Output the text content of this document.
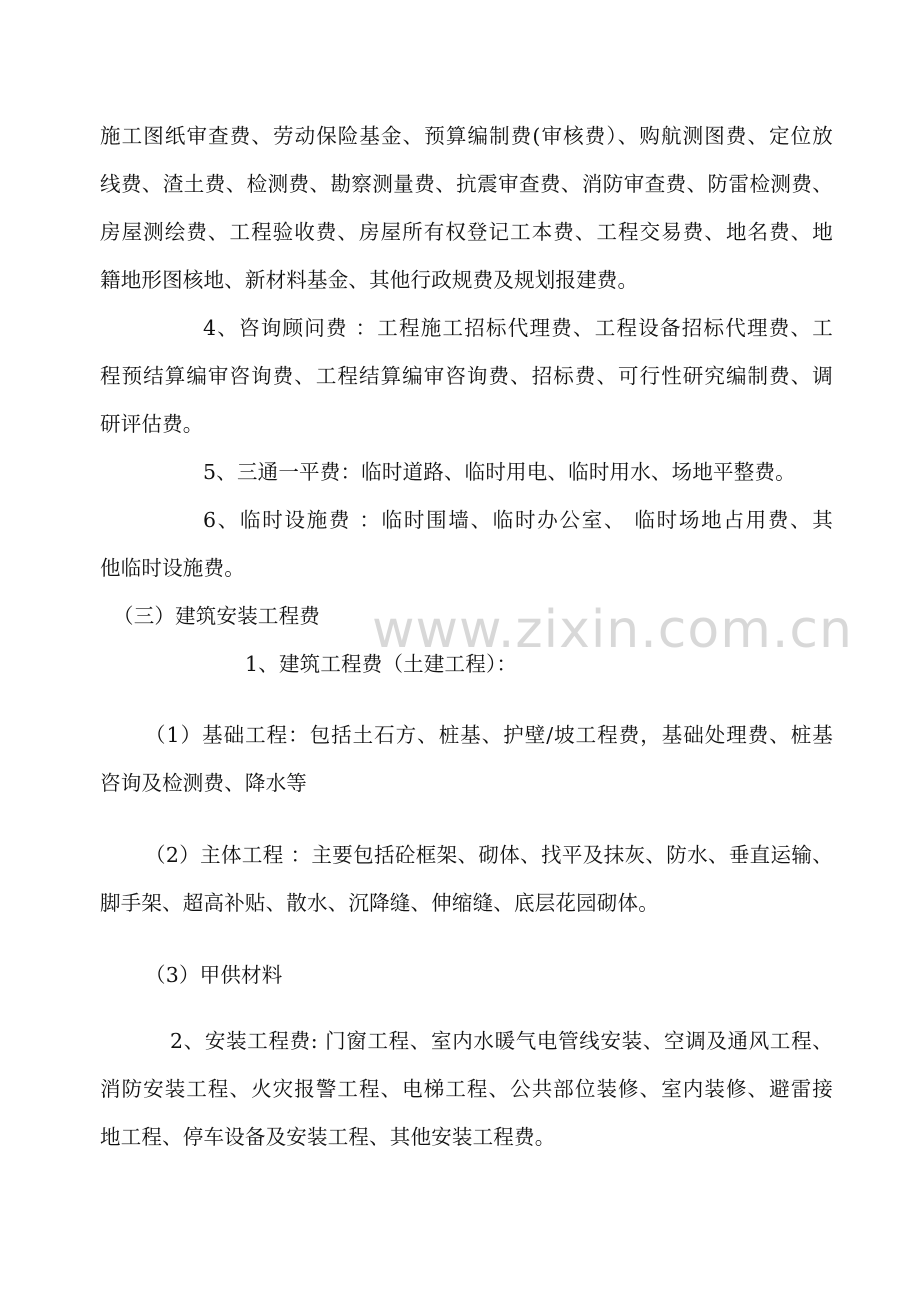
www.zixin.com.cn
施工图纸审查费、劳动保险基金、预算编制费(审核费）、购航测图费、定位放
线费、渣土费、检测费、勘察测量费、抗震审查费、消防审查费、防雷检测费、
房屋测绘费、工程验收费、房屋所有权登记工本费、工程交易费、地名费、地
籍地形图核地、新材料基金、其他行政规费及规划报建费。
4、咨询顾问费 ：工程施工招标代理费、工程设备招标代理费、工
程预结算编审咨询费、工程结算编审咨询费、招标费、可行性研究编制费、调
研评估费。
5、三通一平费：临时道路、临时用电、临时用水、场地平整费。
6、临时设施费 ：临时围墙、临时办公室、 临时场地占用费、其
他临时设施费。
（三）建筑安装工程费
1、建筑工程费（土建工程）：
（1）基础工程：包括土石方、桩基、护壁/坡工程费，基础处理费、桩基
咨询及检测费、降水等
（2）主体工程 ：主要包括砼框架、砌体、找平及抹灰、防水、垂直运输、
脚手架、超高补贴、散水、沉降缝、伸缩缝、底层花园砌体。
（3）甲供材料
2、安装工程费: 门窗工程、室内水暖气电管线安装、空调及通风工程、
消防安装工程、火灾报警工程、电梯工程、公共部位装修、室内装修、避雷接
地工程、停车设备及安装工程、其他安装工程费。
